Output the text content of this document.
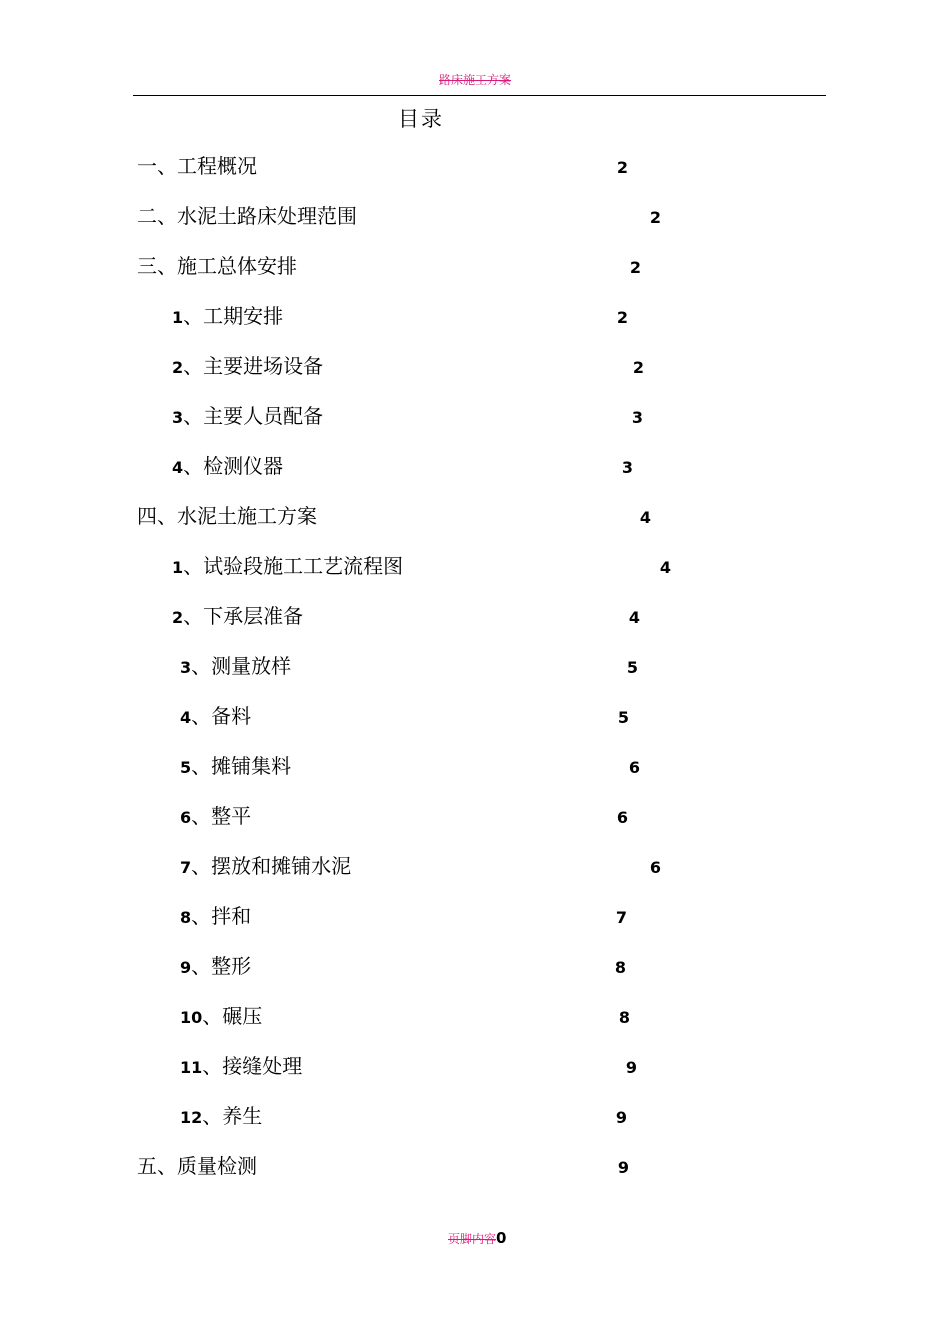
路床施工方案
目录
一、工程概况	2
二、水泥土路床处理范围	2
三、施工总体安排	2
1 、工期安排	2
2 、主要进场设备	2
3 、主要人员配备	3
4 、检测仪器	3
四、水泥土施工方案	4
1 、试验段施工工艺流程图	4
2 、下承层准备	4
3 、测量放样	5
4 、备料	5
5 、摊铺集料	6
6 、整平	6
7 、摆放和摊铺水泥	6
8 、拌和	7
9 、整形	8
10 、碾压	8
11 、接缝处理	9
12 、养生	9
五、质量检测	9
页脚内容 0
